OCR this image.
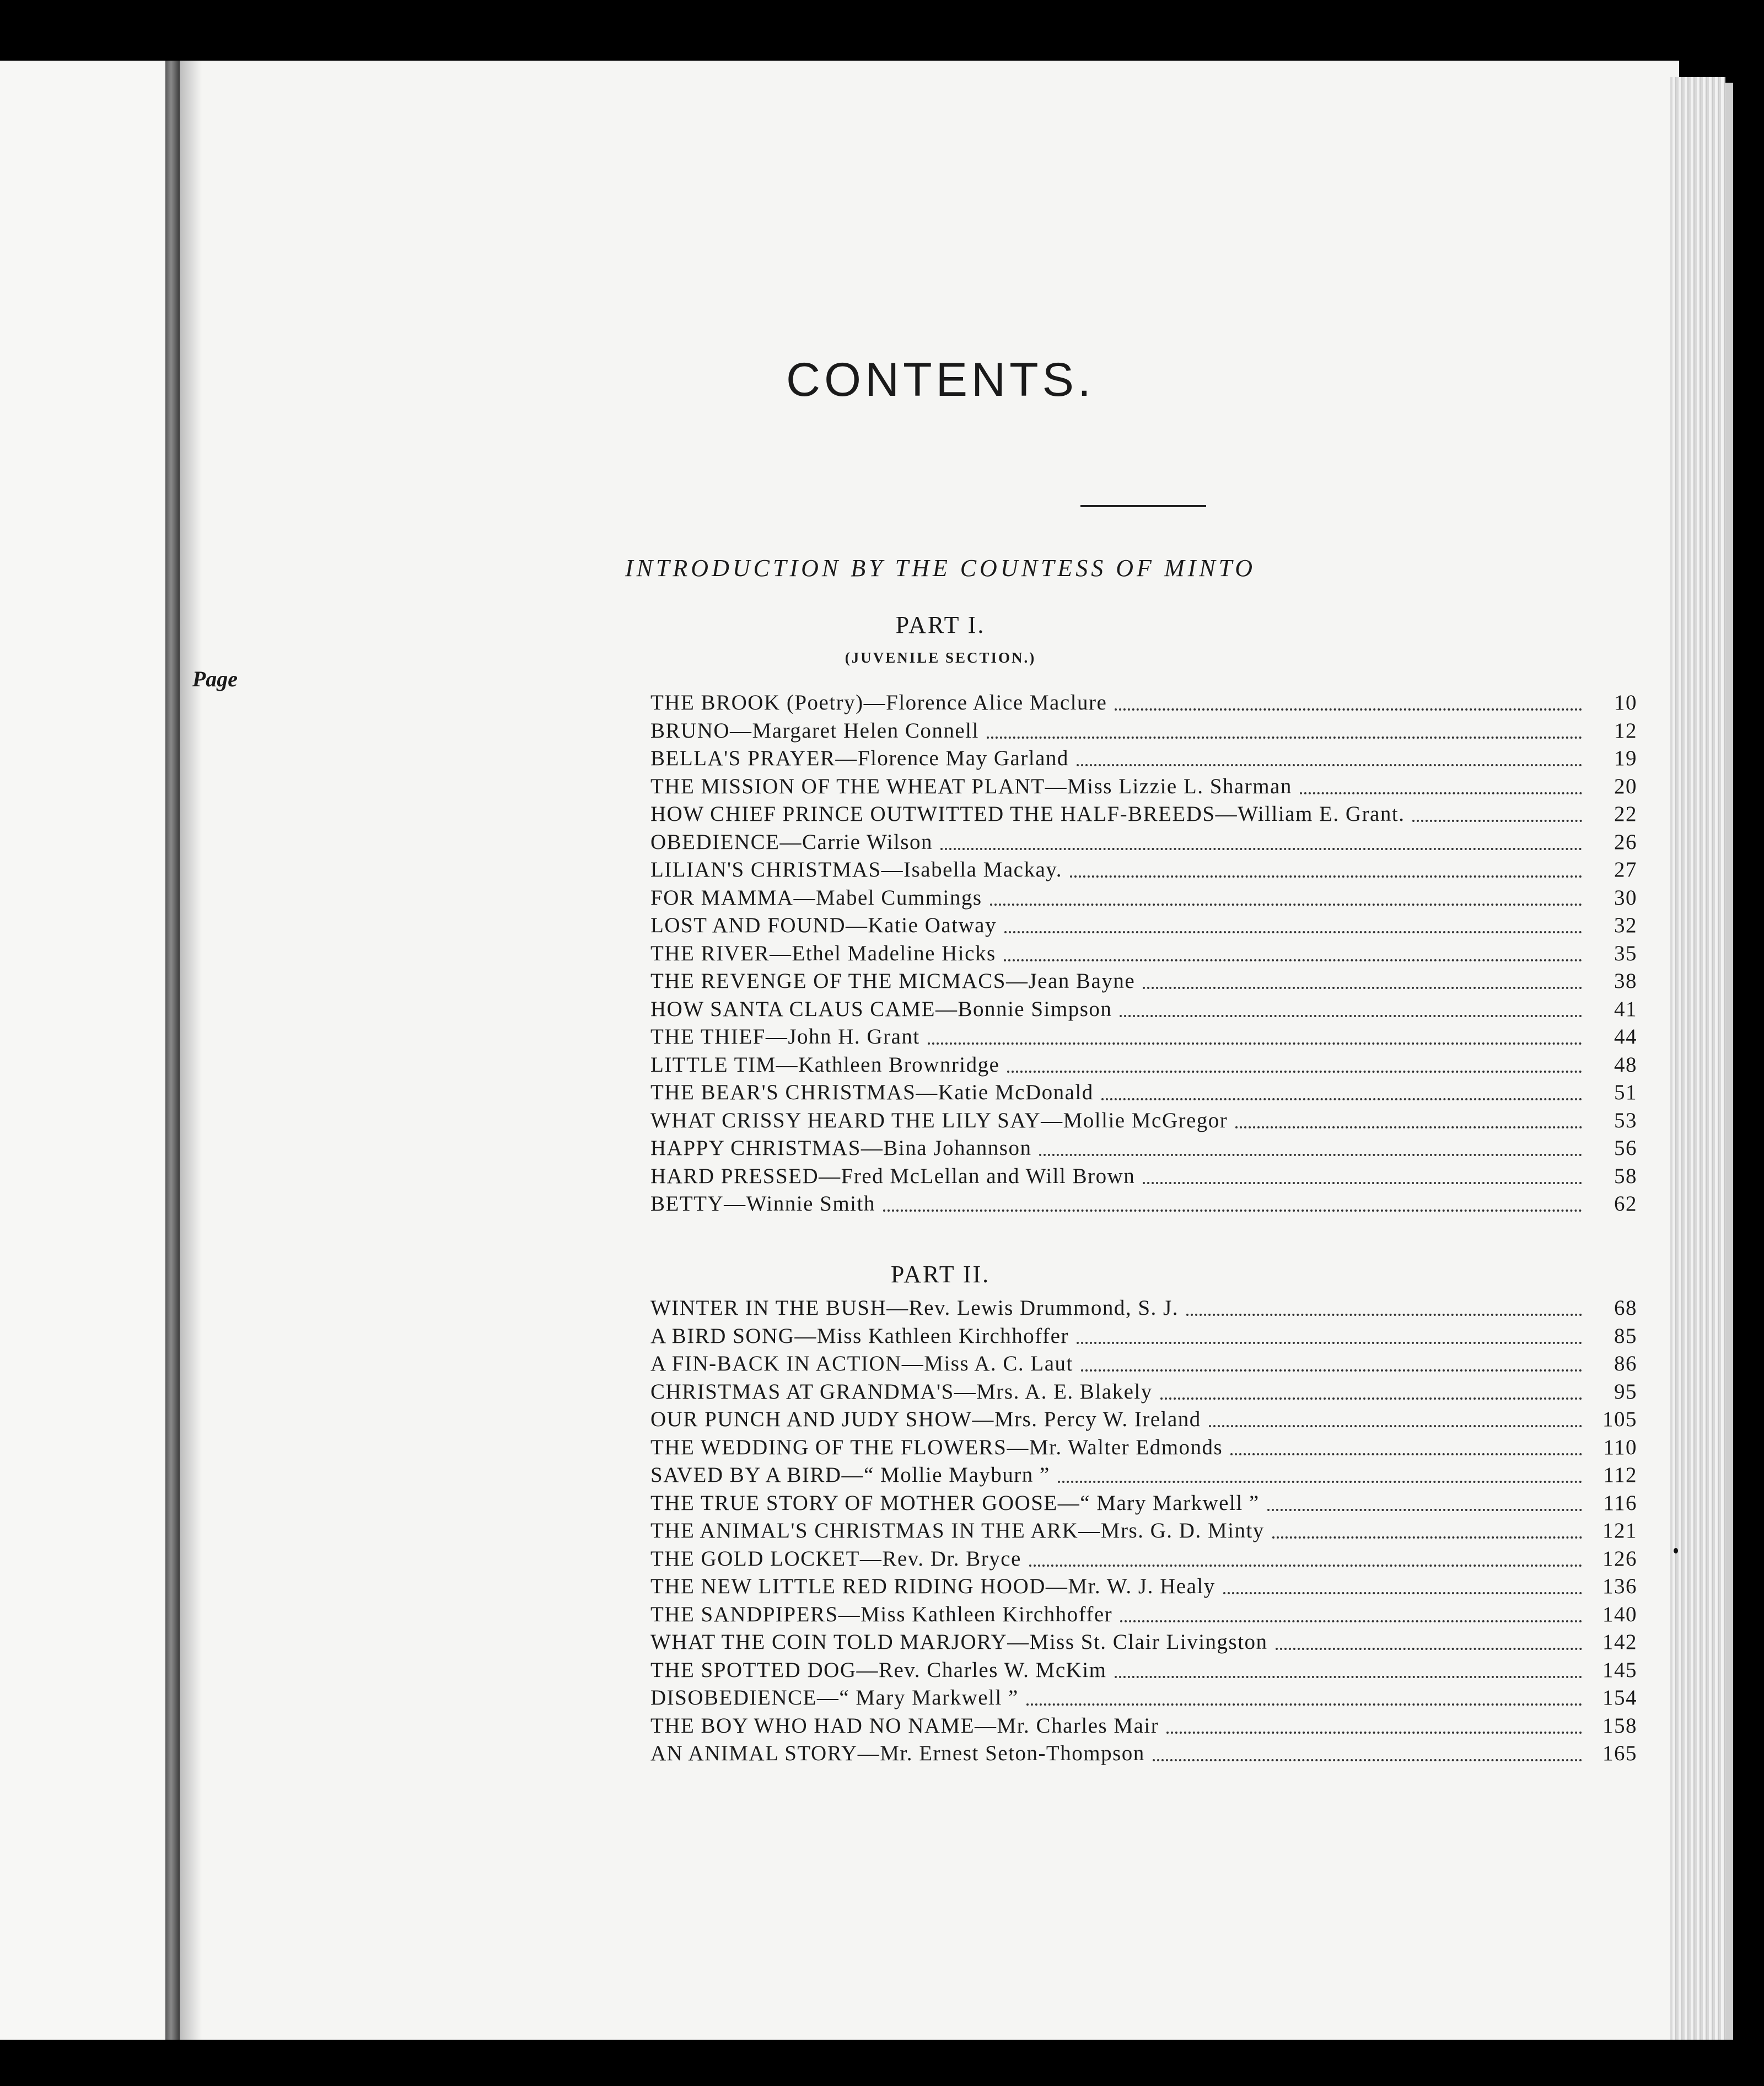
CONTENTS.
INTRODUCTION BY THE COUNTESS OF MINTO
PART I.
(JUVENILE SECTION.)
Page
THE BROOK (Poetry)—Florence Alice Maclure	10
BRUNO—Margaret Helen Connell	12
BELLA'S PRAYER—Florence May Garland	19
THE MISSION OF THE WHEAT PLANT—Miss Lizzie L. Sharman	20
HOW CHIEF PRINCE OUTWITTED THE HALF-BREEDS—William E. Grant.	22
OBEDIENCE—Carrie Wilson	26
LILIAN'S CHRISTMAS—Isabella Mackay.	27
FOR MAMMA—Mabel Cummings	30
LOST AND FOUND—Katie Oatway	32
THE RIVER—Ethel Madeline Hicks	35
THE REVENGE OF THE MICMACS—Jean Bayne	38
HOW SANTA CLAUS CAME—Bonnie Simpson	41
THE THIEF—John H. Grant	44
LITTLE TIM—Kathleen Brownridge	48
THE BEAR'S CHRISTMAS—Katie McDonald	51
WHAT CRISSY HEARD THE LILY SAY—Mollie McGregor	53
HAPPY CHRISTMAS—Bina Johannson	56
HARD PRESSED—Fred McLellan and Will Brown	58
BETTY—Winnie Smith	62
PART II.
WINTER IN THE BUSH—Rev. Lewis Drummond, S. J.	68
A BIRD SONG—Miss Kathleen Kirchhoffer	85
A FIN-BACK IN ACTION—Miss A. C. Laut	86
CHRISTMAS AT GRANDMA'S—Mrs. A. E. Blakely	95
OUR PUNCH AND JUDY SHOW—Mrs. Percy W. Ireland	105
THE WEDDING OF THE FLOWERS—Mr. Walter Edmonds	110
SAVED BY A BIRD—“ Mollie Mayburn ”	112
THE TRUE STORY OF MOTHER GOOSE—“ Mary Markwell ”	116
THE ANIMAL'S CHRISTMAS IN THE ARK—Mrs. G. D. Minty	121
THE GOLD LOCKET—Rev. Dr. Bryce	126
THE NEW LITTLE RED RIDING HOOD—Mr. W. J. Healy	136
THE SANDPIPERS—Miss Kathleen Kirchhoffer	140
WHAT THE COIN TOLD MARJORY—Miss St. Clair Livingston	142
THE SPOTTED DOG—Rev. Charles W. McKim	145
DISOBEDIENCE—“ Mary Markwell ”	154
THE BOY WHO HAD NO NAME—Mr. Charles Mair	158
AN ANIMAL STORY—Mr. Ernest Seton-Thompson	165
